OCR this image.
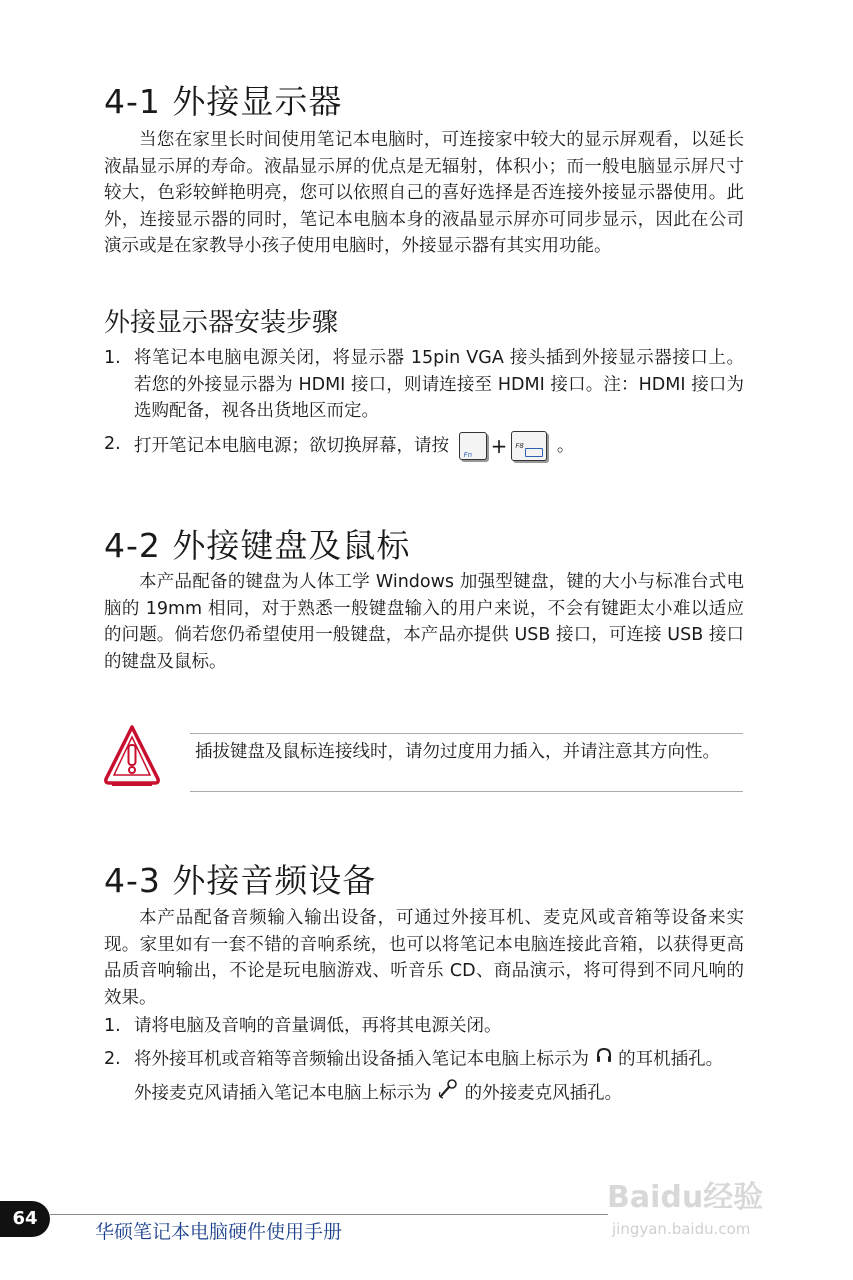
4-1 外接显示器

当您在家里长时间使用笔记本电脑时，可连接家中较大的显示屏观看，以延长液晶显示屏的寿命。液晶显示屏的优点是无辐射，体积小；而一般电脑显示屏尺寸较大，色彩较鲜艳明亮，您可以依照自己的喜好选择是否连接外接显示器使用。此外，连接显示器的同时，笔记本电脑本身的液晶显示屏亦可同步显示，因此在公司演示或是在家教导小孩子使用电脑时，外接显示器有其实用功能。

外接显示器安装步骤
1. 将笔记本电脑电源关闭，将显示器 15pin VGA 接头插到外接显示器接口上。若您的外接显示器为 HDMI 接口，则请连接至 HDMI 接口。注：HDMI 接口为选购配备，视各出货地区而定。
2. 打开笔记本电脑电源；欲切换屏幕，请按 Fn + F8 。
4-2 外接键盘及鼠标

本产品配备的键盘为人体工学 Windows 加强型键盘，键的大小与标准台式电脑的 19mm 相同，对于熟悉一般键盘输入的用户来说，不会有键距太小难以适应的问题。倘若您仍希望使用一般键盘，本产品亦提供 USB 接口，可连接 USB 接口的键盘及鼠标。

插拔键盘及鼠标连接线时，请勿过度用力插入，并请注意其方向性。

4-3 外接音频设备

本产品配备音频输入输出设备，可通过外接耳机、麦克风或音箱等设备来实现。家里如有一套不错的音响系统，也可以将笔记本电脑连接此音箱，以获得更高品质音响输出，不论是玩电脑游戏、听音乐 CD、商品演示，将可得到不同凡响的效果。

1. 请将电脑及音响的音量调低，再将其电源关闭。
2. 将外接耳机或音箱等音频输出设备插入笔记本电脑上标示为 的耳机插孔。
外接麦克风请插入笔记本电脑上标示为 的外接麦克风插孔。
64

华硕笔记本电脑硬件使用手册

Baidu经验
jingyan.baidu.com
